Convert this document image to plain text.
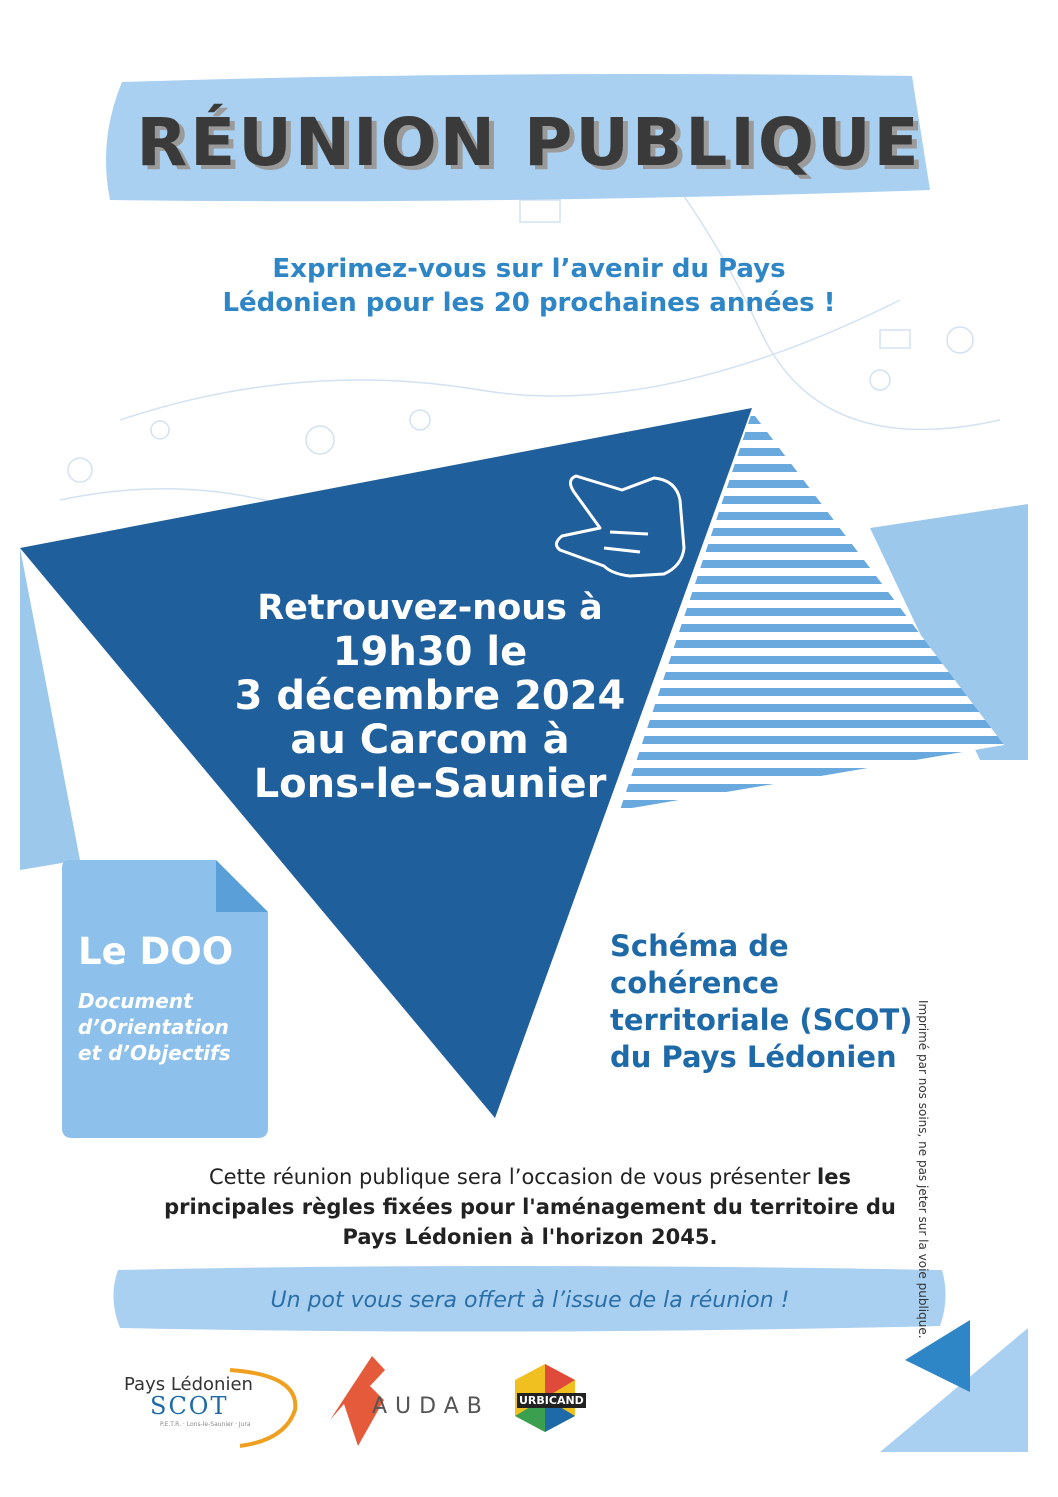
RÉUNION PUBLIQUE
Exprimez-vous sur l’avenir du Pays
Lédonien pour les 20 prochaines années !
Retrouvez-nous à
19h30 le
3 décembre 2024
au Carcom à
Lons-le-Saunier
Le DOO
Document
d’Orientation
et d’Objectifs
Schéma de
cohérence
territoriale (SCOT)
du Pays Lédonien
Cette réunion publique sera l’occasion de vous présenter les
principales règles fixées pour l'aménagement du territoire du
Pays Lédonien à l'horizon 2045.
Un pot vous sera offert à l’issue de la réunion !	Imprimé par nos soins, ne pas jeter sur la voie publique.
Pays Lédonien
SCOT
P.E.T.R. · Lons-le-Saunier · Jura
AUDAB	URBICAND
